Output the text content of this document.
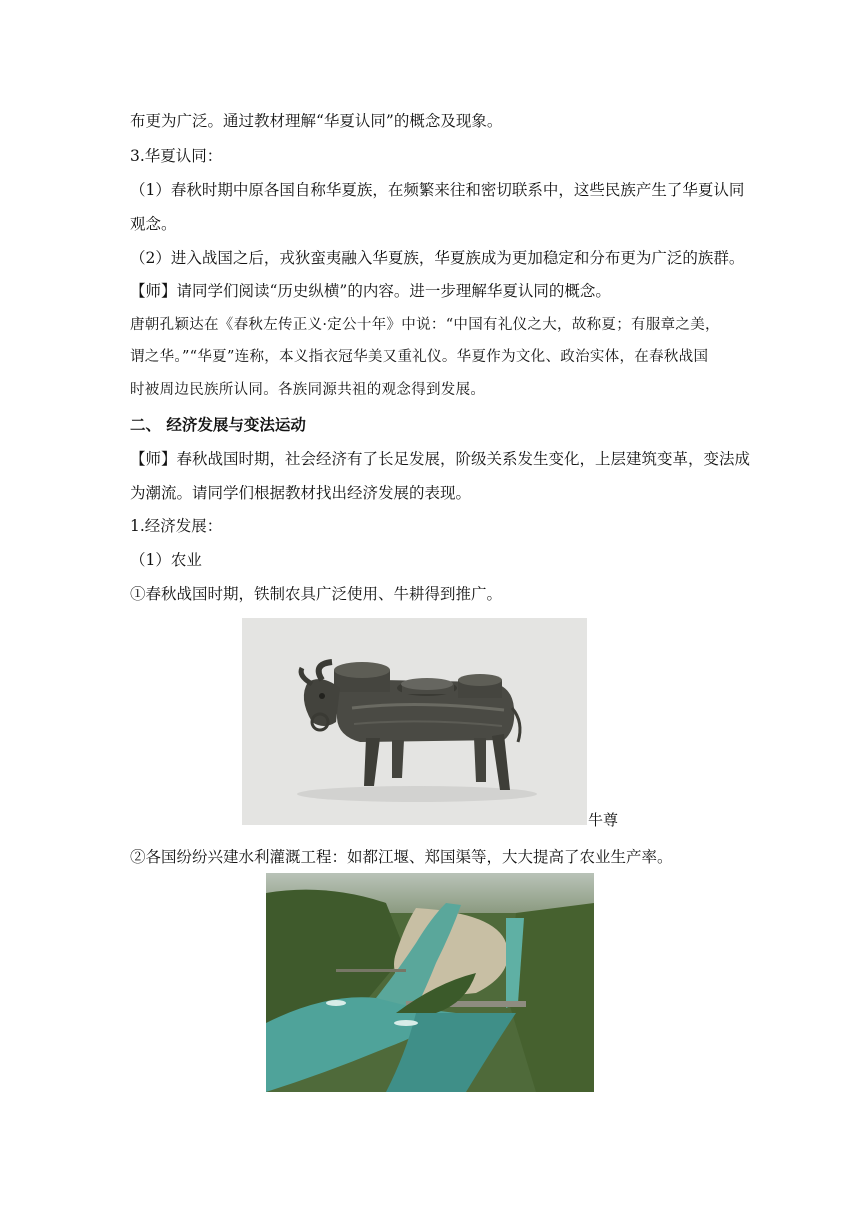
布更为广泛。通过教材理解“华夏认同”的概念及现象。
3.华夏认同：
（1）春秋时期中原各国自称华夏族，在频繁来往和密切联系中，这些民族产生了华夏认同
观念。
（2）进入战国之后，戎狄蛮夷融入华夏族，华夏族成为更加稳定和分布更为广泛的族群。
【师】请同学们阅读“历史纵横”的内容。进一步理解华夏认同的概念。
唐朝孔颖达在《春秋左传正义·定公十年》中说：“中国有礼仪之大，故称夏；有服章之美，
谓之华。”“华夏”连称，本义指衣冠华美又重礼仪。华夏作为文化、政治实体，在春秋战国
时被周边民族所认同。各族同源共祖的观念得到发展。
二、 经济发展与变法运动
【师】春秋战国时期，社会经济有了长足发展，阶级关系发生变化，上层建筑变革，变法成
为潮流。请同学们根据教材找出经济发展的表现。
1.经济发展：
（1）农业
①春秋战国时期，铁制农具广泛使用、牛耕得到推广。
牛尊
②各国纷纷兴建水利灌溉工程：如都江堰、郑国渠等，大大提高了农业生产率。
